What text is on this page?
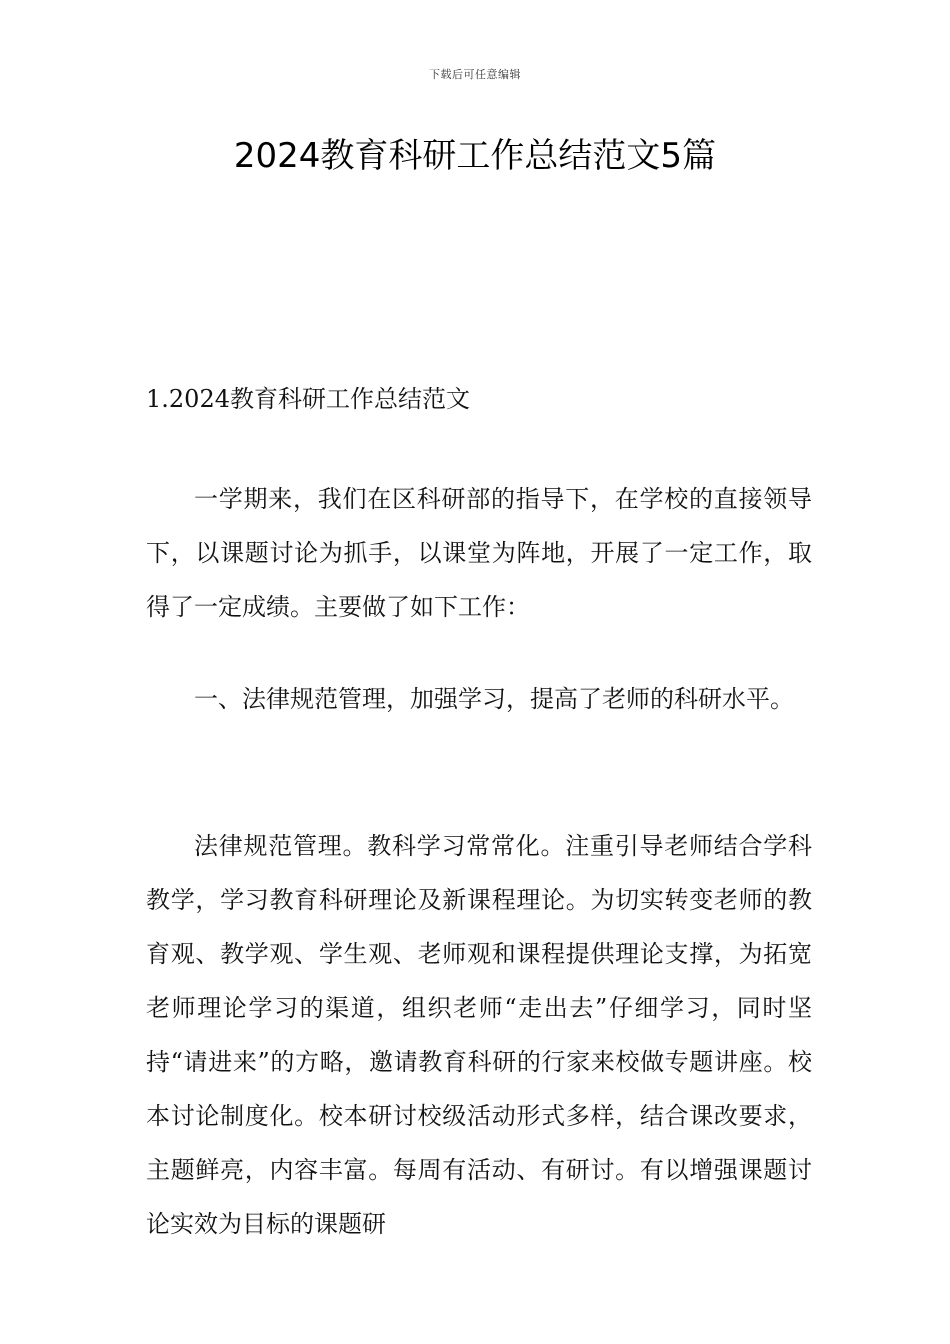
下载后可任意编辑
2024教育科研工作总结范文5篇

1.2024教育科研工作总结范文

一学期来，我们在区科研部的指导下，在学校的直接领导下，以课题讨论为抓手，以课堂为阵地，开展了一定工作，取得了一定成绩。主要做了如下工作：

一、法律规范管理，加强学习，提高了老师的科研水平。

法律规范管理。教科学习常常化。注重引导老师结合学科教学，学习教育科研理论及新课程理论。为切实转变老师的教育观、教学观、学生观、老师观和课程提供理论支撑，为拓宽老师理论学习的渠道，组织老师“走出去”仔细学习，同时坚持“请进来”的方略，邀请教育科研的行家来校做专题讲座。校本讨论制度化。校本研讨校级活动形式多样，结合课改要求，主题鲜亮，内容丰富。每周有活动、有研讨。有以增强课题讨论实效为目标的课题研
